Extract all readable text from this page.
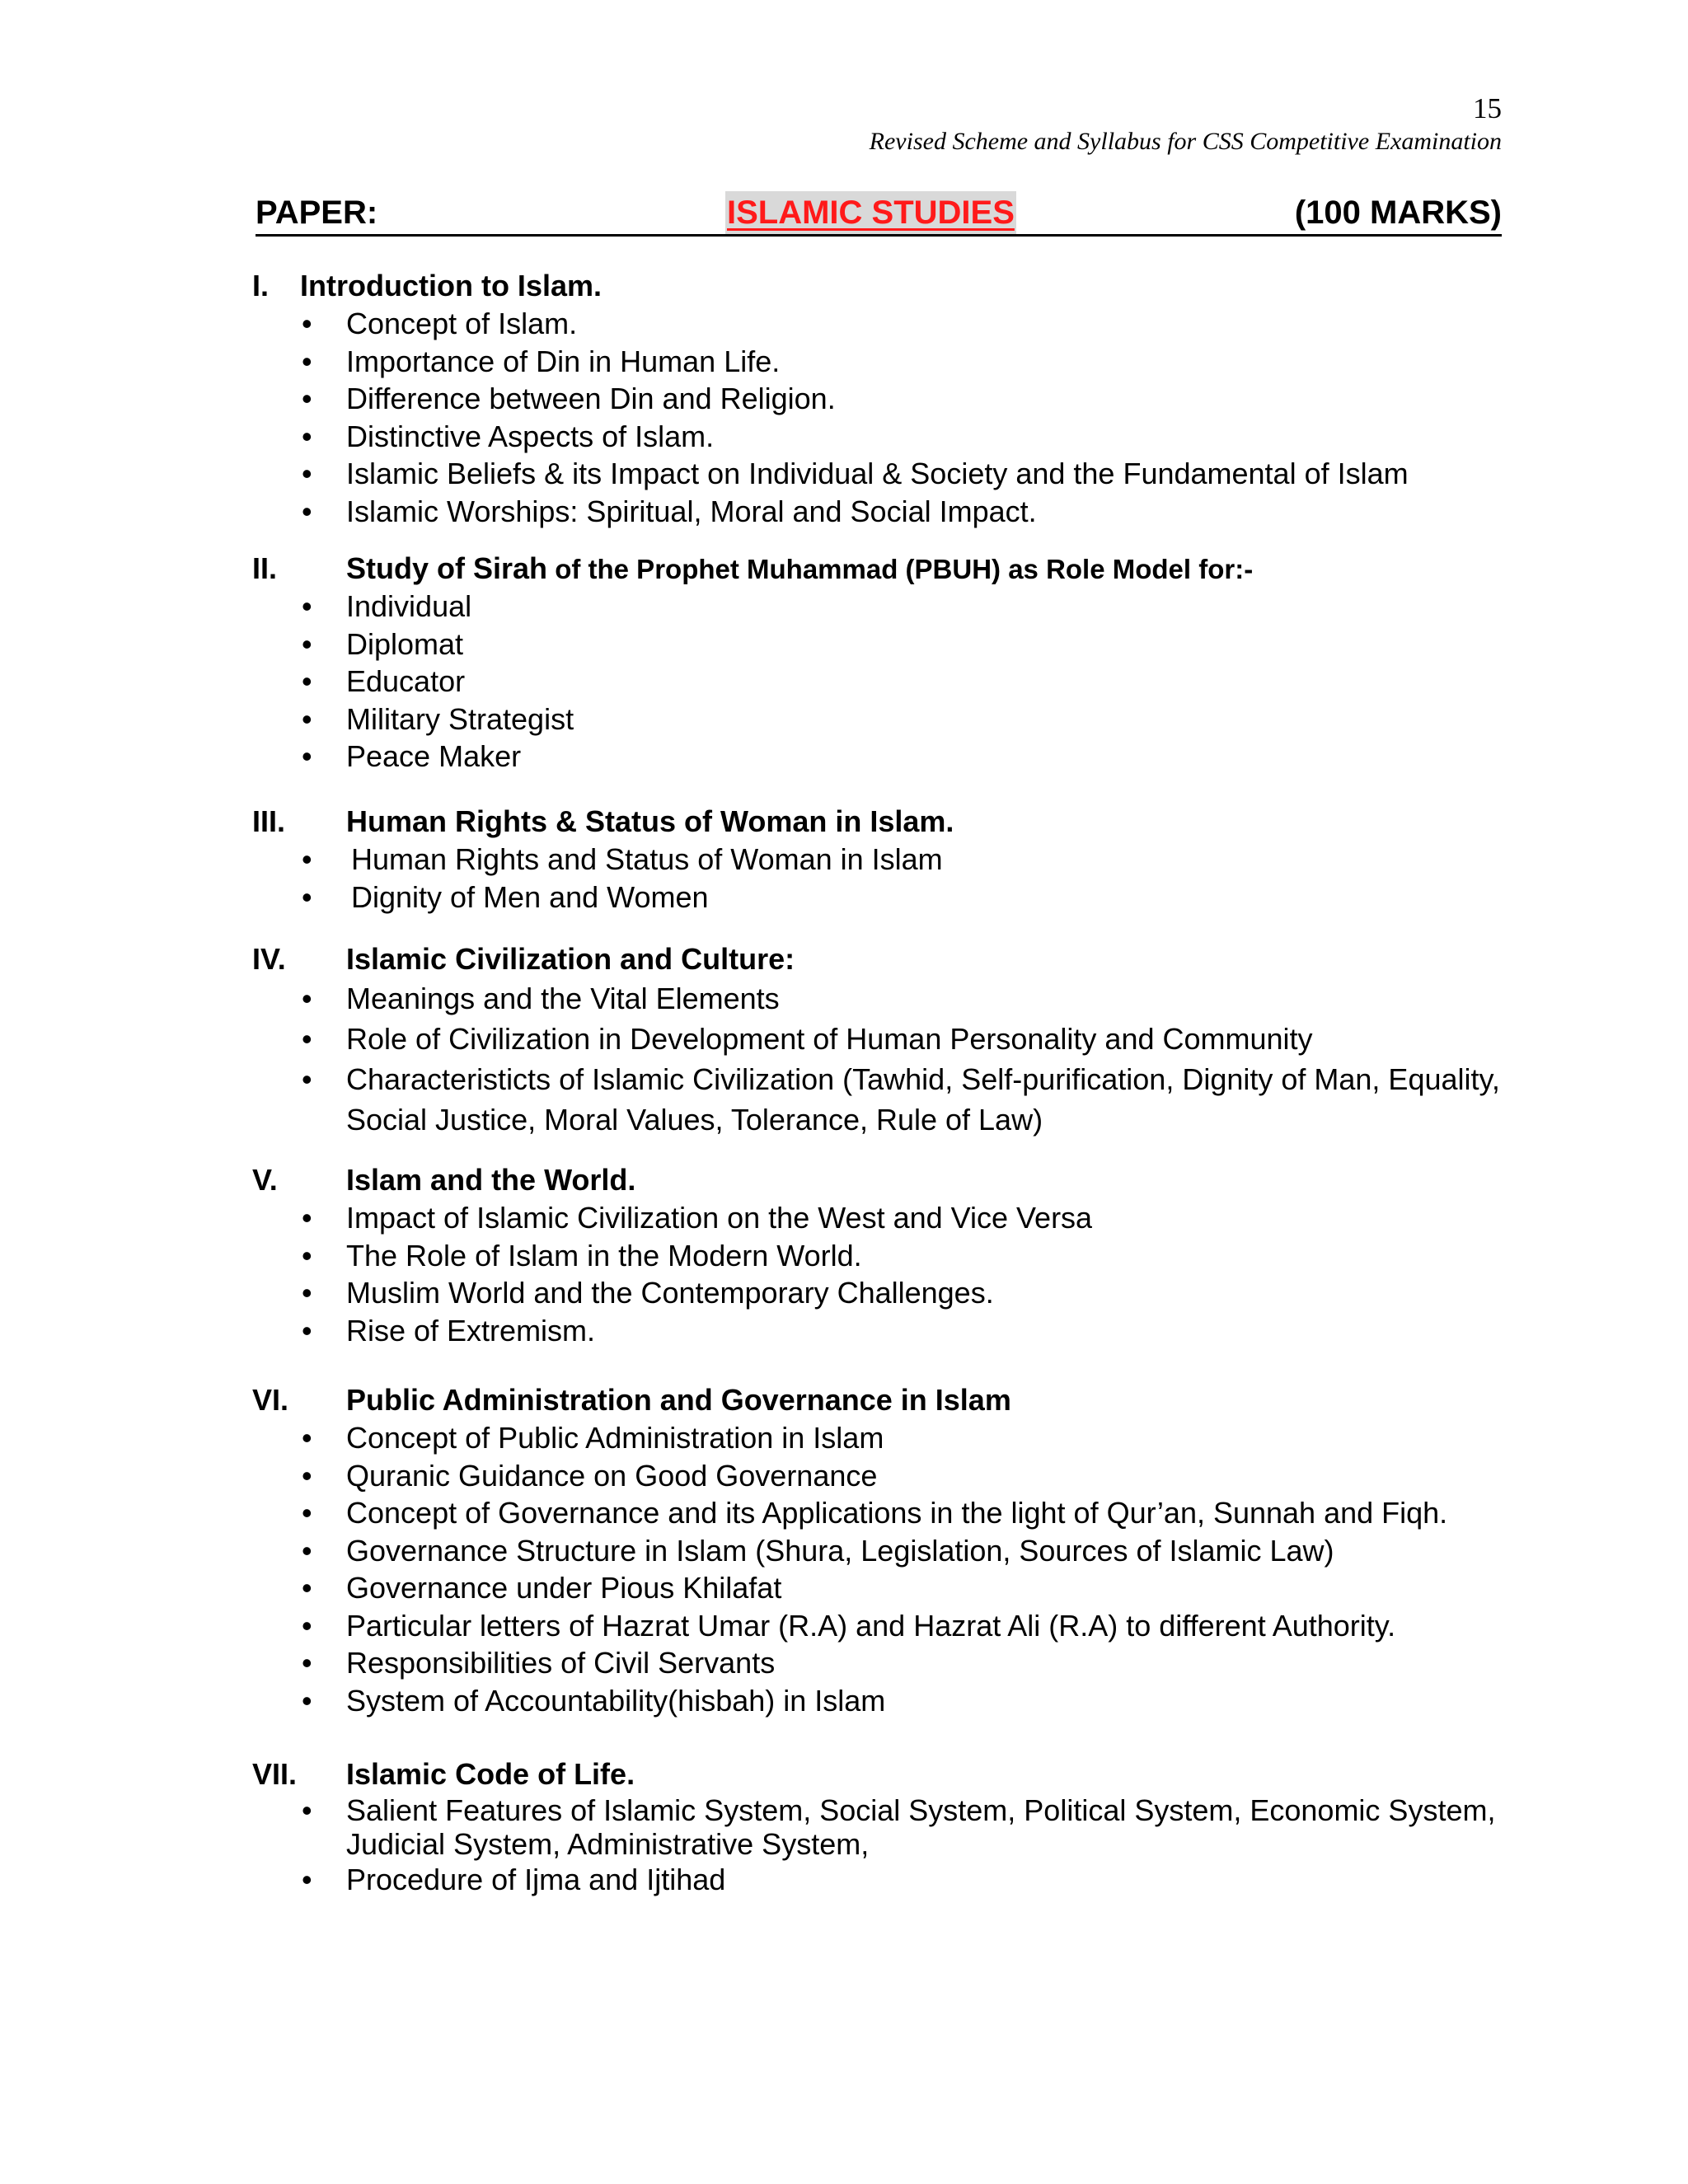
15
Revised Scheme and Syllabus for CSS Competitive Examination
PAPER:	ISLAMIC STUDIES	(100 MARKS)
I. Introduction to Islam.
• Concept of Islam.
• Importance of Din in Human Life.
• Difference between Din and Religion.
• Distinctive Aspects of Islam.
• Islamic Beliefs & its Impact on Individual & Society and the Fundamental of Islam
• Islamic Worships: Spiritual, Moral and Social Impact.
II. Study of Sirah of the Prophet Muhammad (PBUH) as Role Model for:-
• Individual
• Diplomat
• Educator
• Military Strategist
• Peace Maker
III. Human Rights & Status of Woman in Islam.
• Human Rights and Status of Woman in Islam
• Dignity of Men and Women
IV. Islamic Civilization and Culture:
• Meanings and the Vital Elements
• Role of Civilization in Development of Human Personality and Community
• Characteristicts of Islamic Civilization (Tawhid, Self-purification, Dignity of Man, Equality, Social Justice, Moral Values, Tolerance, Rule of Law)
V. Islam and the World.
• Impact of Islamic Civilization on the West and Vice Versa
• The Role of Islam in the Modern World.
• Muslim World and the Contemporary Challenges.
• Rise of Extremism.
VI. Public Administration and Governance in Islam
• Concept of Public Administration in Islam
• Quranic Guidance on Good Governance
• Concept of Governance and its Applications in the light of Qur’an, Sunnah and Fiqh.
• Governance Structure in Islam (Shura, Legislation, Sources of Islamic Law)
• Governance under Pious Khilafat
• Particular letters of Hazrat Umar (R.A) and Hazrat Ali (R.A) to different Authority.
• Responsibilities of Civil Servants
• System of Accountability(hisbah) in Islam
VII. Islamic Code of Life.
• Salient Features of Islamic System, Social System, Political System, Economic System, Judicial System, Administrative System,
• Procedure of Ijma and Ijtihad
